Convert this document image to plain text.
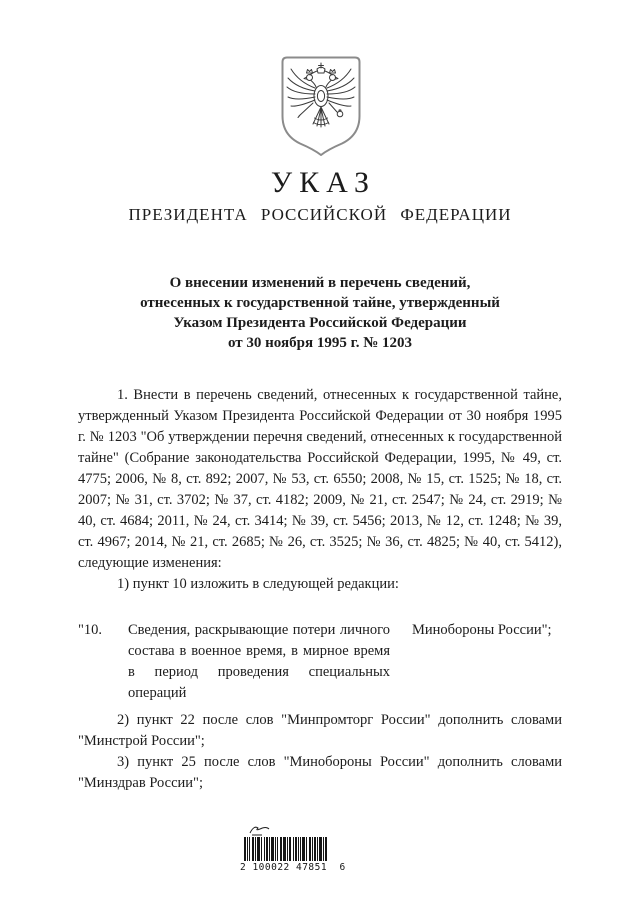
УКАЗ
ПРЕЗИДЕНТА РОССИЙСКОЙ ФЕДЕРАЦИИ
О внесении изменений в перечень сведений,
отнесенных к государственной тайне, утвержденный
Указом Президента Российской Федерации
от 30 ноября 1995 г. № 1203

1. Внести в перечень сведений, отнесенных к государственной тайне, утвержденный Указом Президента Российской Федерации от 30 ноября 1995 г. № 1203 "Об утверждении перечня сведений, отнесенных к государственной тайне" (Собрание законодательства Российской Федерации, 1995, № 49, ст. 4775; 2006, № 8, ст. 892; 2007, № 53, ст. 6550; 2008, № 15, ст. 1525; № 18, ст. 2007; № 31, ст. 3702; № 37, ст. 4182; 2009, № 21, ст. 2547; № 24, ст. 2919; № 40, ст. 4684; 2011, № 24, ст. 3414; № 39, ст. 5456; 2013, № 12, ст. 1248; № 39, ст. 4967; 2014, № 21, ст. 2685; № 26, ст. 3525; № 36, ст. 4825; № 40, ст. 5412), следующие изменения:

1) пункт 10 изложить в следующей редакции:

"10.	Сведения, раскрывающие потери личного состава в военное время, в мирное время в период проведения специальных операций
Минобороны России";

2) пункт 22 после слов "Минпромторг России" дополнить словами "Минстрой России";

3) пункт 25 после слов "Минобороны России" дополнить словами "Минздрав России";

2 100022 47851  6
